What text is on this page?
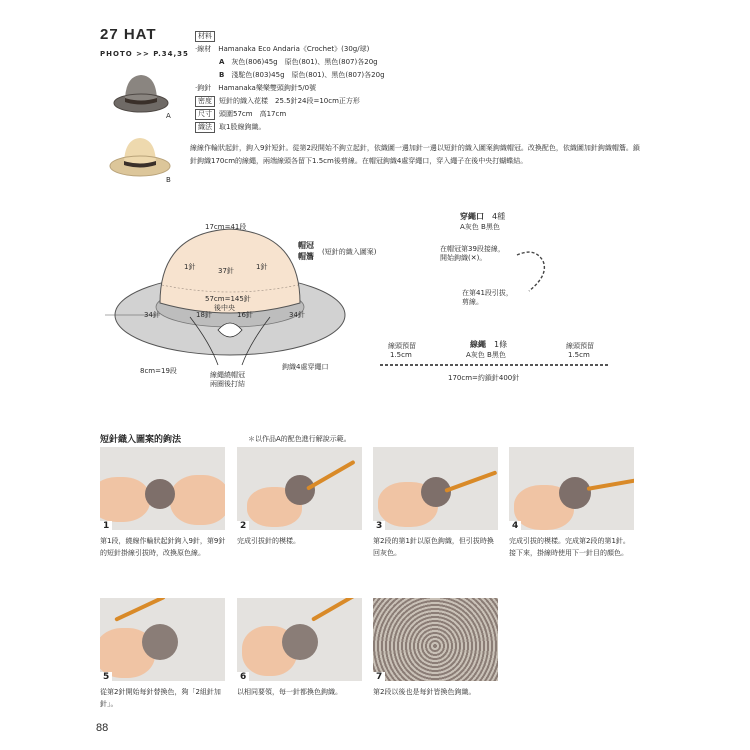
27 HAT
PHOTO >> P.34,35
A
B
材料
‧線材　 Hamanaka Eco Andaria《Crochet》(30g/球)
A　 灰色(806)45g　原色(801)、黑色(807)各20g
B　 淺駝色(803)45g　原色(801)、黑色(807)各20g
‧鉤針　 Hamanaka樂樂雙頭鉤針5/0號
密度 短針的織入花樣　25.5針24段=10cm正方形
尺寸 頭圍57cm　高17cm
織法 取1股線鉤織。
線線作輪狀起針，鉤入9針短針。從第2段開始不鉤立起針，依織圖一邊加針一邊以短針的織入圖案鉤織帽冠。改換配色，依織圖加針鉤織帽簷。鎖針鉤織170cm的線繩，兩端線頭各留下1.5cm後剪線。在帽冠鉤織4處穿繩口，穿入繩子在後中央打蝴蝶結。
17cm=41段
帽冠
帽簷 (短針的織入圖案)
37針
1針	1針
57cm=145針
後中央
18針	16針
34針	34針
8cm=19段	線繩繞帽冠
兩圈後打結
鉤織4處穿繩口
穿繩口　 4種
A灰色 B黑色
在帽冠第39段接線，
開始鉤織(✕)。
在第41段引拔，
剪線。
線繩　 1條
A灰色 B黑色
線頭預留
1.5cm
線頭預留
1.5cm
170cm=約鎖針400針
短針織入圖案的鉤法	＊以作品A的配色進行解說示範。
1	2	3	4
第1段，繞線作輪狀起針鉤入9針，第9針的短針掛線引拔時，改換原色線。
完成引拔針的模樣。	第2段的第1針以原色鉤織，但引拔時換回灰色。
完成引拔的模樣。完成第2段的第1針。接下來，掛線時使用下一針目的顏色。
5	6	7
從第2針開始每針替換色，夠「2組針加針」。
以相同要領，每一針都換色鉤織。	第2段以後也是每針皆換色鉤織。
88
